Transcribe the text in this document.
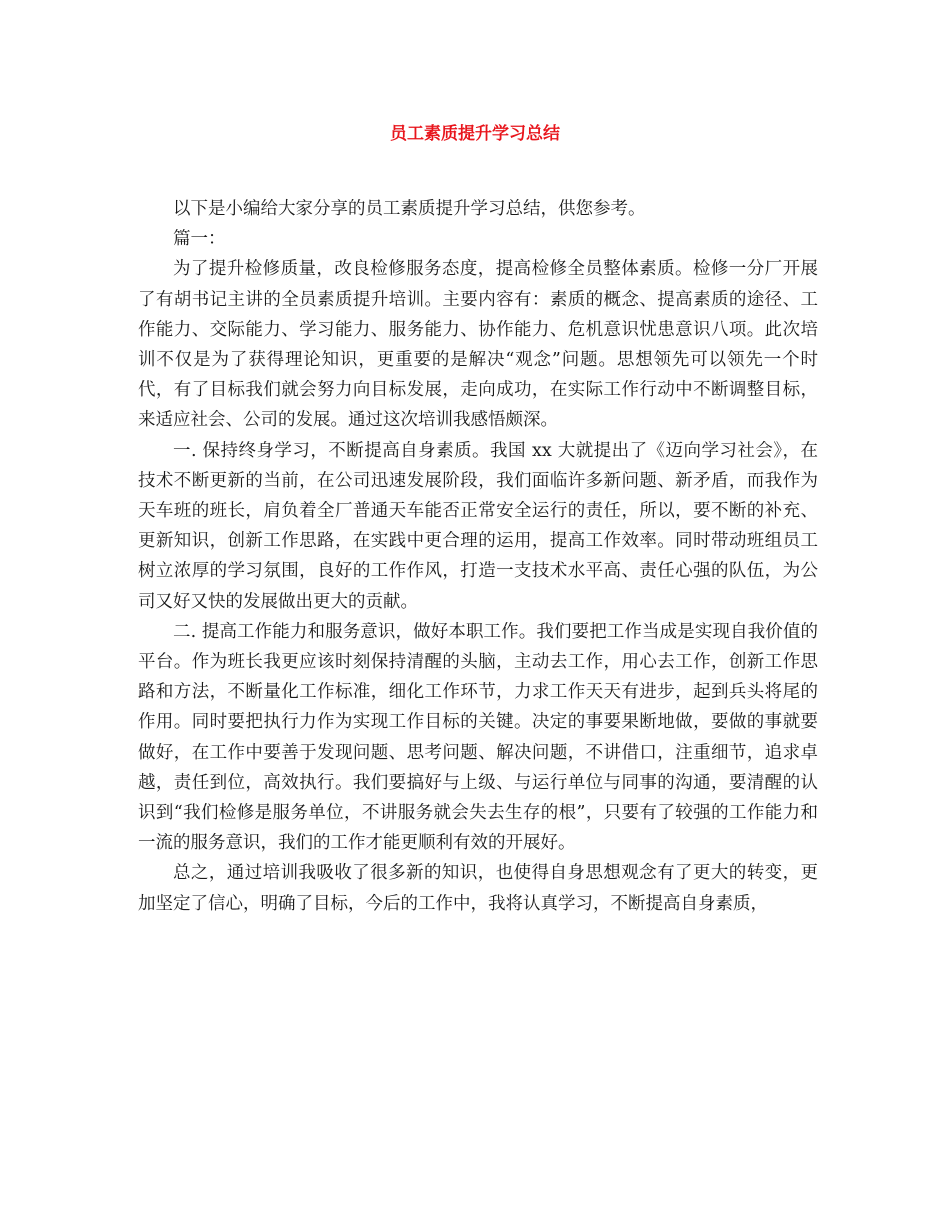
员工素质提升学习总结

以下是小编给大家分享的员工素质提升学习总结，供您参考。

篇一：

为了提升检修质量，改良检修服务态度，提高检修全员整体素质。检修一分厂开展了有胡书记主讲的全员素质提升培训。主要内容有：素质的概念、提高素质的途径、工作能力、交际能力、学习能力、服务能力、协作能力、危机意识忧患意识八项。此次培训不仅是为了获得理论知识，更重要的是解决“观念”问题。思想领先可以领先一个时代，有了目标我们就会努力向目标发展，走向成功，在实际工作行动中不断调整目标，来适应社会、公司的发展。通过这次培训我感悟颇深。

一. 保持终身学习，不断提高自身素质。我国 xx 大就提出了《迈向学习社会》，在技术不断更新的当前，在公司迅速发展阶段，我们面临许多新问题、新矛盾，而我作为天车班的班长，肩负着全厂普通天车能否正常安全运行的责任，所以，要不断的补充、更新知识，创新工作思路，在实践中更合理的运用，提高工作效率。同时带动班组员工树立浓厚的学习氛围，良好的工作作风，打造一支技术水平高、责任心强的队伍，为公司又好又快的发展做出更大的贡献。

二. 提高工作能力和服务意识，做好本职工作。我们要把工作当成是实现自我价值的平台。作为班长我更应该时刻保持清醒的头脑，主动去工作，用心去工作，创新工作思路和方法，不断量化工作标准，细化工作环节，力求工作天天有进步，起到兵头将尾的作用。同时要把执行力作为实现工作目标的关键。决定的事要果断地做，要做的事就要做好，在工作中要善于发现问题、思考问题、解决问题，不讲借口，注重细节，追求卓越，责任到位，高效执行。我们要搞好与上级、与运行单位与同事的沟通，要清醒的认识到“我们检修是服务单位，不讲服务就会失去生存的根”，只要有了较强的工作能力和一流的服务意识，我们的工作才能更顺利有效的开展好。

总之，通过培训我吸收了很多新的知识，也使得自身思想观念有了更大的转变，更加坚定了信心，明确了目标，今后的工作中，我将认真学习，不断提高自身素质，
